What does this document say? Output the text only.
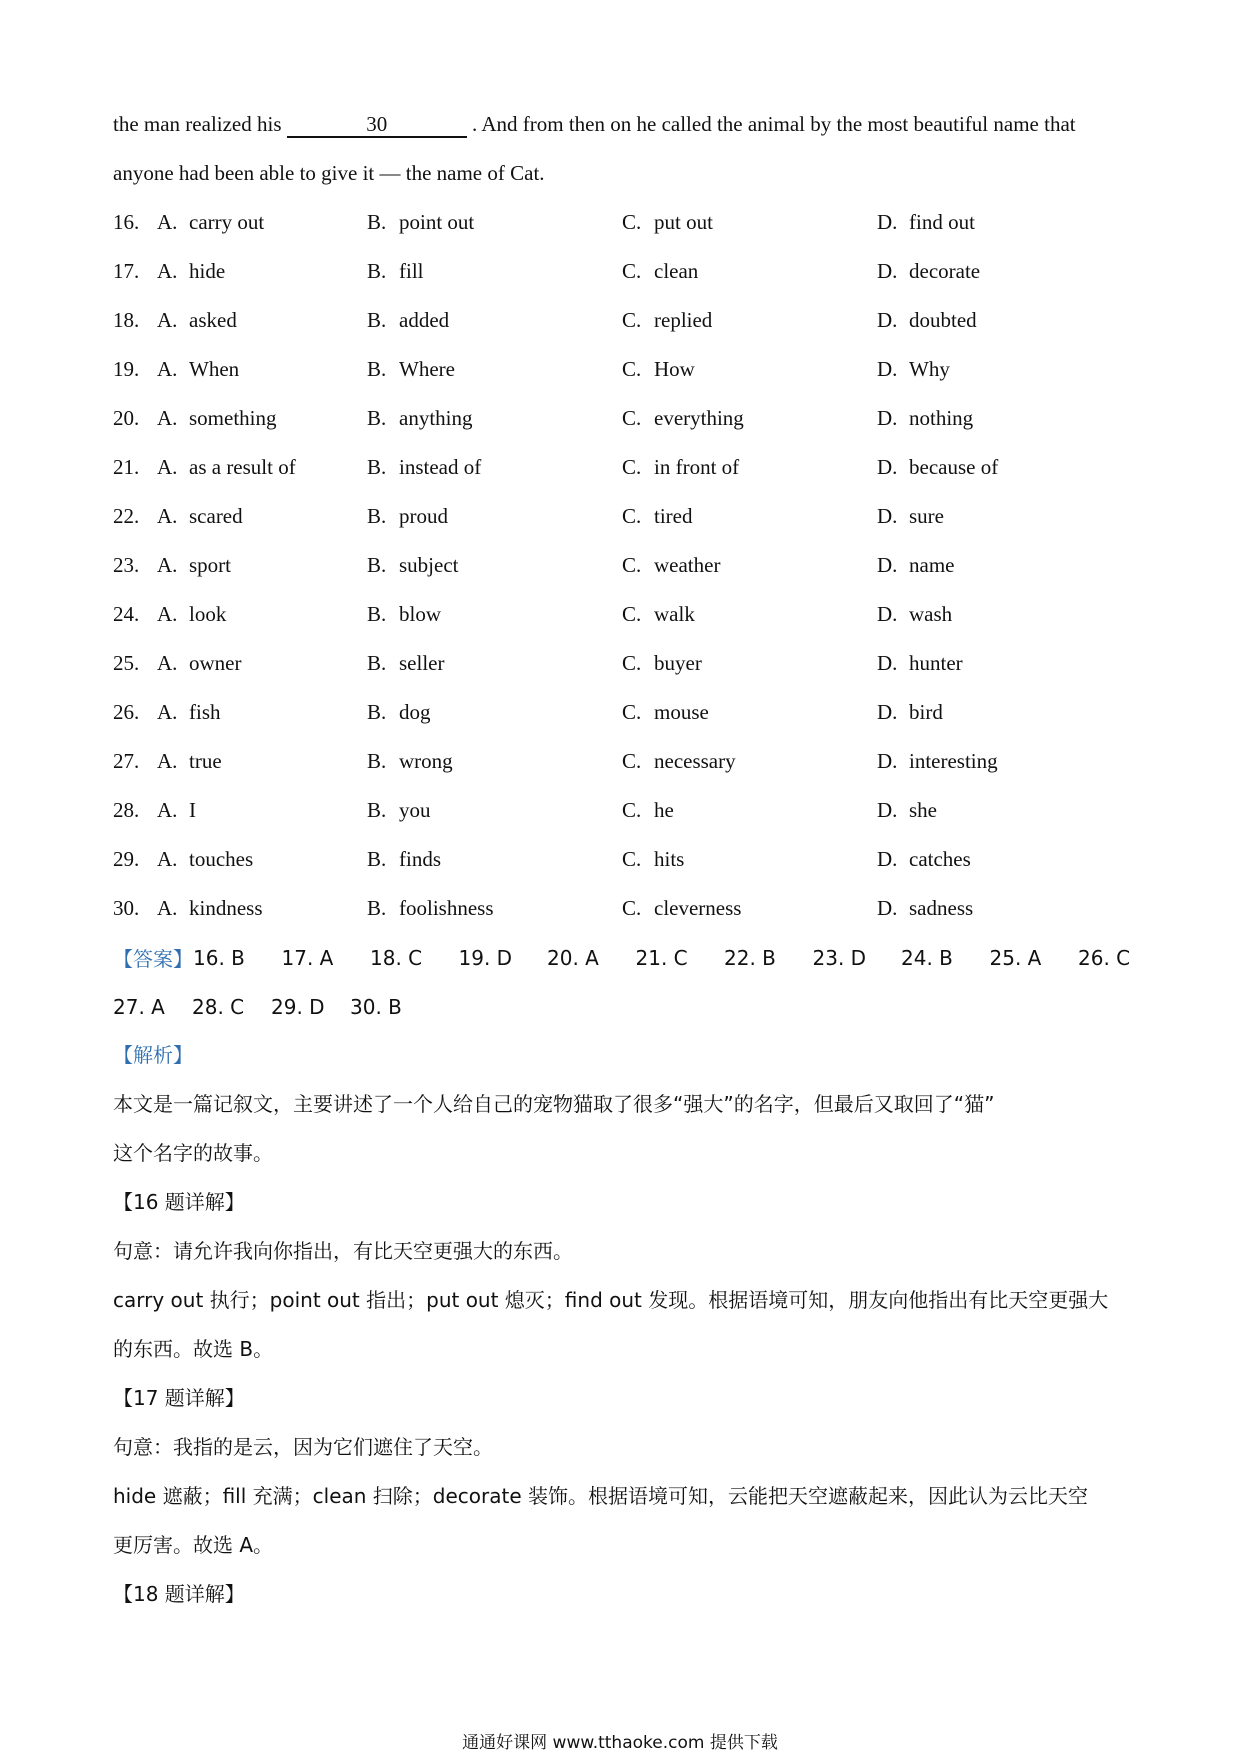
the man realized his	30	. And from then on he called the animal by the most beautiful name that
anyone had been able to give it — the name of Cat.
16. A. carry out	B. point out	C. put out	D. find out
17. A. hide	B. fill	C. clean	D. decorate
18. A. asked	B. added	C. replied	D. doubted
19. A. When	B. Where	C. How	D. Why
20. A. something	B. anything	C. everything	D. nothing
21. A. as a result of	B. instead of	C. in front of	D. because of
22. A. scared	B. proud	C. tired	D. sure
23. A. sport	B. subject	C. weather	D. name
24. A. look	B. blow	C. walk	D. wash
25. A. owner	B. seller	C. buyer	D. hunter
26. A. fish	B. dog	C. mouse	D. bird
27. A. true	B. wrong	C. necessary	D. interesting
28. A. I	B. you	C. he	D. she
29. A. touches	B. finds	C. hits	D. catches
30. A. kindness	B. foolishness	C. cleverness	D. sadness
【答案】 16. B	17. A	18. C	19. D	20. A	21. C	22. B	23. D	24. B	25. A	26. C
27. A	28. C	29. D	30. B
【解析】
本文是一篇记叙文，主要讲述了一个人给自己的宠物猫取了很多“强大”的名字，但最后又取回了“猫”
这个名字的故事。
【16 题详解】
句意：请允许我向你指出，有比天空更强大的东西。
carry out 执行；point out 指出；put out 熄灭；find out 发现。根据语境可知，朋友向他指出有比天空更强大
的东西。故选 B。
【17 题详解】
句意：我指的是云，因为它们遮住了天空。
hide 遮蔽；fill 充满；clean 扫除；decorate 装饰。根据语境可知，云能把天空遮蔽起来，因此认为云比天空
更厉害。故选 A。
【18 题详解】
通通好课网 www.tthaoke.com 提供下载
